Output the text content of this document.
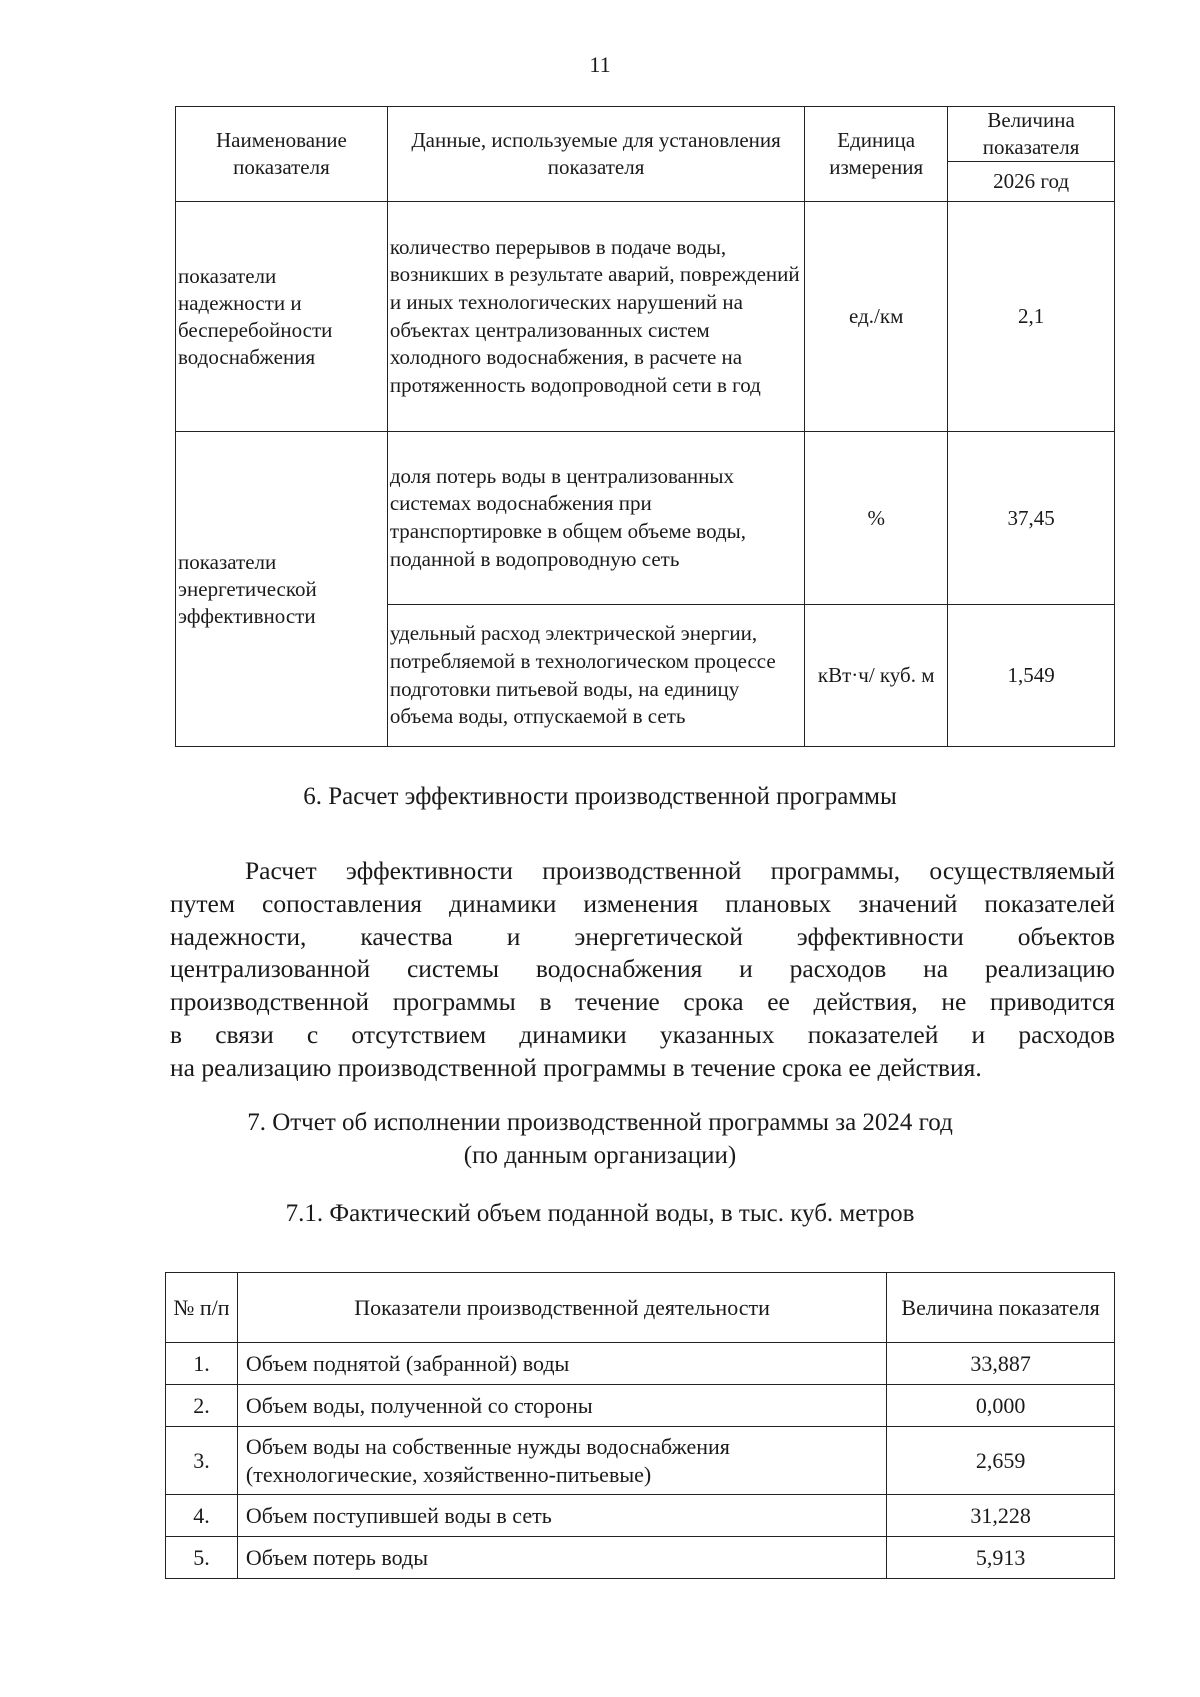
11
Наименование показателя	Данные, используемые для установления показателя	Единица измерения	Величина показателя
			2026 год
показатели надежности и бесперебойности водоснабжения	количество перерывов в подаче воды, возникших в результате аварий, повреждений и иных технологических нарушений на объектах централизованных систем холодного водоснабжения, в расчете на протяженность водопроводной сети в год	ед./км	2,1
показатели энергетической эффективности	доля потерь воды в централизованных системах водоснабжения при транспортировке в общем объеме воды, поданной в водопроводную сеть	%	37,45
	удельный расход электрической энергии, потребляемой в технологическом процессе подготовки питьевой воды, на единицу объема воды, отпускаемой в сеть	кВт·ч/ куб. м	1,549
6. Расчет эффективности производственной программы

Расчет эффективности производственной программы, осуществляемый
путем сопоставления динамики изменения плановых значений показателей
надежности, качества и энергетической эффективности объектов
централизованной системы водоснабжения и расходов на реализацию
производственной программы в течение срока ее действия, не приводится
в связи с отсутствием динамики указанных показателей и расходов
на реализацию производственной программы в течение срока ее действия.

7. Отчет об исполнении производственной программы за 2024 год
(по данным организации)
7.1. Фактический объем поданной воды, в тыс. куб. метров
№ п/п	Показатели производственной деятельности	Величина показателя
1.	Объем поднятой (забранной) воды	33,887
2.	Объем воды, полученной со стороны	0,000
3.	Объем воды на собственные нужды водоснабжения (технологические, хозяйственно-питьевые)	2,659
4.	Объем поступившей воды в сеть	31,228
5.	Объем потерь воды	5,913
